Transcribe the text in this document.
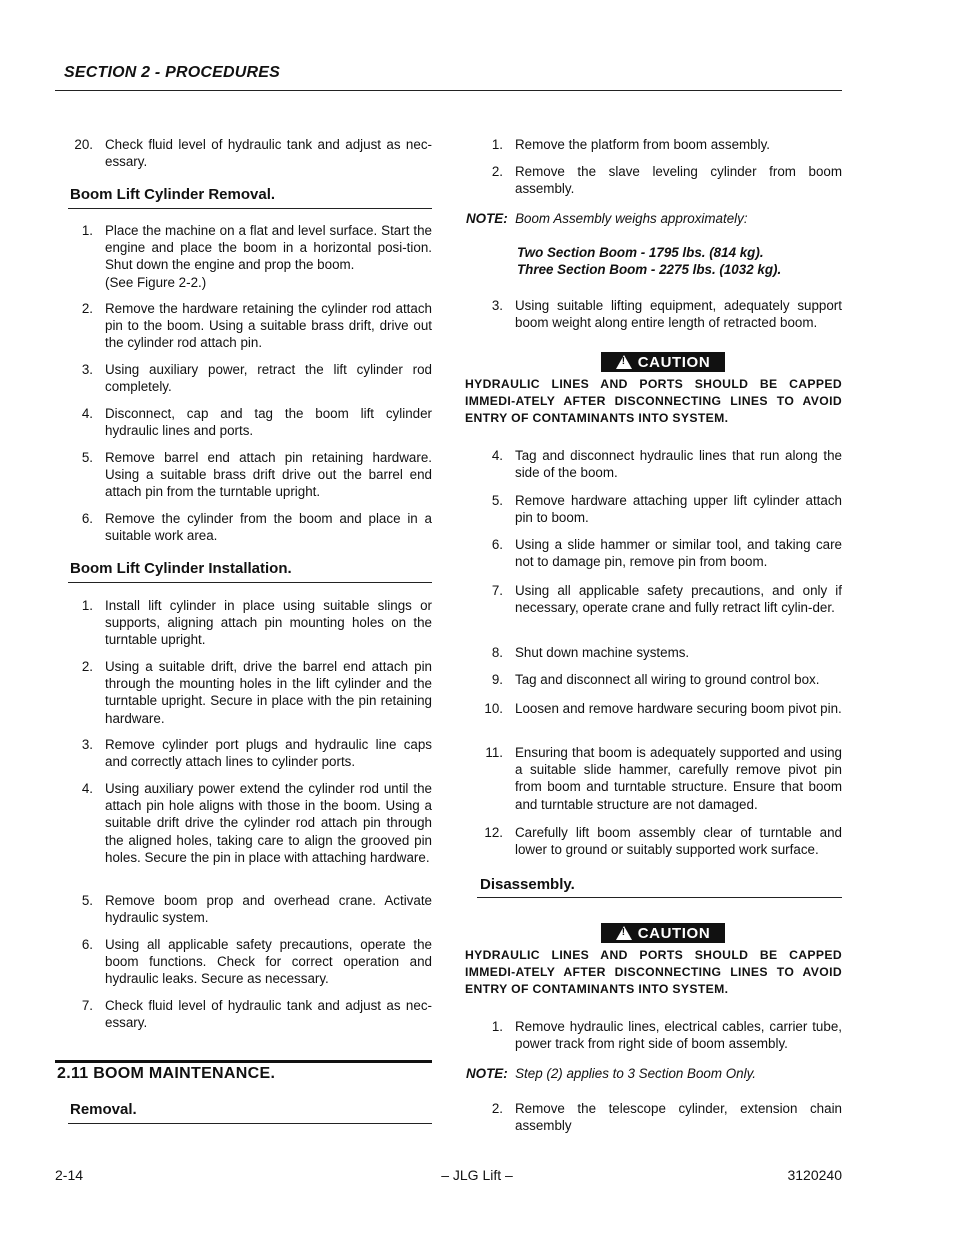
SECTION 2 - PROCEDURES
20. Check fluid level of hydraulic tank and adjust as nec-essary.
Boom Lift Cylinder Removal.
1. Place the machine on a flat and level surface. Start the engine and place the boom in a horizontal posi-tion. Shut down the engine and prop the boom.
(See Figure 2-2.)
2. Remove the hardware retaining the cylinder rod attach pin to the boom. Using a suitable brass drift, drive out the cylinder rod attach pin.
3. Using auxiliary power, retract the lift cylinder rod completely.
4. Disconnect, cap and tag the boom lift cylinder hydraulic lines and ports.
5. Remove barrel end attach pin retaining hardware. Using a suitable brass drift drive out the barrel end attach pin from the turntable upright.
6. Remove the cylinder from the boom and place in a suitable work area.
Boom Lift Cylinder Installation.
1. Install lift cylinder in place using suitable slings or supports, aligning attach pin mounting holes on the turntable upright.
2. Using a suitable drift, drive the barrel end attach pin through the mounting holes in the lift cylinder and the turntable upright. Secure in place with the pin retaining hardware.
3. Remove cylinder port plugs and hydraulic line caps and correctly attach lines to cylinder ports.
4. Using auxiliary power extend the cylinder rod until the attach pin hole aligns with those in the boom. Using a suitable drift drive the cylinder rod attach pin through the aligned holes, taking care to align the grooved pin holes. Secure the pin in place with attaching hardware.
5. Remove boom prop and overhead crane. Activate hydraulic system.
6. Using all applicable safety precautions, operate the boom functions. Check for correct operation and hydraulic leaks. Secure as necessary.
7. Check fluid level of hydraulic tank and adjust as nec-essary.
2.11 BOOM MAINTENANCE.
Removal.
1. Remove the platform from boom assembly.
2. Remove the slave leveling cylinder from boom assembly.
NOTE: Boom Assembly weighs approximately:
Two Section Boom - 1795 lbs. (814 kg).
Three Section Boom - 2275 lbs. (1032 kg).
3. Using suitable lifting equipment, adequately support boom weight along entire length of retracted boom.
!
CAUTION
HYDRAULIC LINES AND PORTS SHOULD BE CAPPED IMMEDI-ATELY AFTER DISCONNECTING LINES TO AVOID ENTRY OF CONTAMINANTS INTO SYSTEM.
4. Tag and disconnect hydraulic lines that run along the side of the boom.
5. Remove hardware attaching upper lift cylinder attach pin to boom.
6. Using a slide hammer or similar tool, and taking care not to damage pin, remove pin from boom.
7. Using all applicable safety precautions, and only if necessary, operate crane and fully retract lift cylin-der.
8. Shut down machine systems.
9. Tag and disconnect all wiring to ground control box.
10. Loosen and remove hardware securing boom pivot pin.
11. Ensuring that boom is adequately supported and using a suitable slide hammer, carefully remove pivot pin from boom and turntable structure. Ensure that boom and turntable structure are not damaged.
12. Carefully lift boom assembly clear of turntable and lower to ground or suitably supported work surface.
Disassembly.
!
CAUTION
HYDRAULIC LINES AND PORTS SHOULD BE CAPPED IMMEDI-ATELY AFTER DISCONNECTING LINES TO AVOID ENTRY OF CONTAMINANTS INTO SYSTEM.
1. Remove hydraulic lines, electrical cables, carrier tube, power track from right side of boom assembly.
NOTE: Step (2) applies to 3 Section Boom Only.
2. Remove the telescope cylinder, extension chain assembly
2-14	– JLG Lift –	3120240
